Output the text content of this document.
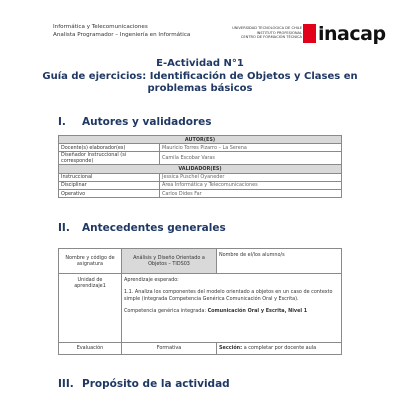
Informática y Telecomunicaciones
Analista Programador – Ingeniería en Informática
UNIVERSIDAD TECNOLÓGICA DE CHILE
INSTITUTO PROFESIONAL
CENTRO DE FORMACIÓN TÉCNICA inacap
E-Actividad N°1
Guía de ejercicios: Identificación de Objetos y Clases en
problemas básicos
I. Autores y validadores
AUTOR(ES)	
Docente(s) elaborador(es)	Mauricio Torres Pizarro – La Serena
Diseñador Instruccional (si corresponde)	Camila Escobar Varas
VALIDADOR(ES)	
Instruccional	Jessica Puschel Oyaneder
Disciplinar	Área Informática y Telecomunicaciones
Operativo	Carlos Dides Far
II. Antecedentes generales
Nombre y código de asignatura	Análisis y Diseño Orientado a Objetos – TIDS03	Nombre de el/los alumno/s
Unidad de aprendizaje1	Aprendizaje esperado:
1.1. Analiza los componentes del modelo orientado a objetos en un caso de contexto simple (integrada Competencia Genérica Comunicación Oral y Escrita).
Competencia genérica integrada: Comunicación Oral y Escrita, Nivel 1	

Evaluación	Formativa	Sección: a completar por docente aula
III. Propósito de la actividad
